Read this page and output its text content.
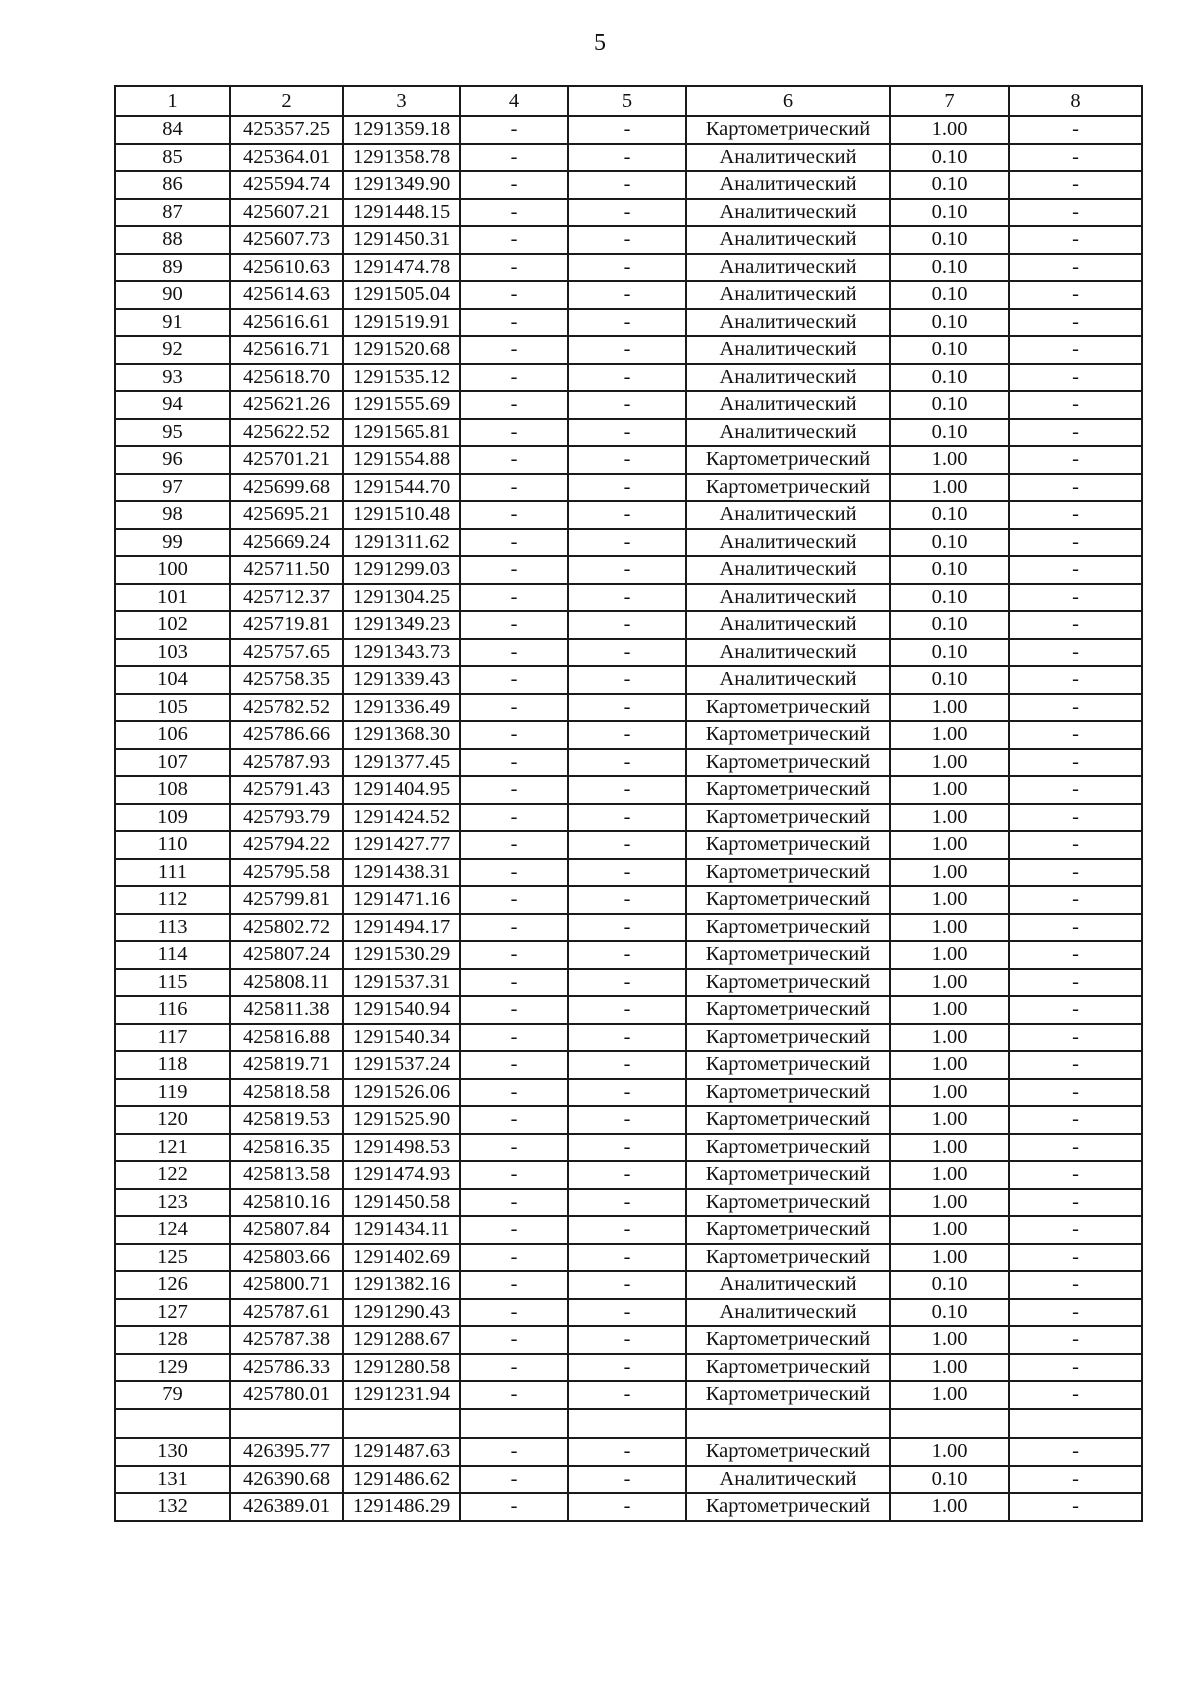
5
1	2	3	4	5	6	7	8
84	425357.25	1291359.18	-	-	Картометрический	1.00	-
85	425364.01	1291358.78	-	-	Аналитический	0.10	-
86	425594.74	1291349.90	-	-	Аналитический	0.10	-
87	425607.21	1291448.15	-	-	Аналитический	0.10	-
88	425607.73	1291450.31	-	-	Аналитический	0.10	-
89	425610.63	1291474.78	-	-	Аналитический	0.10	-
90	425614.63	1291505.04	-	-	Аналитический	0.10	-
91	425616.61	1291519.91	-	-	Аналитический	0.10	-
92	425616.71	1291520.68	-	-	Аналитический	0.10	-
93	425618.70	1291535.12	-	-	Аналитический	0.10	-
94	425621.26	1291555.69	-	-	Аналитический	0.10	-
95	425622.52	1291565.81	-	-	Аналитический	0.10	-
96	425701.21	1291554.88	-	-	Картометрический	1.00	-
97	425699.68	1291544.70	-	-	Картометрический	1.00	-
98	425695.21	1291510.48	-	-	Аналитический	0.10	-
99	425669.24	1291311.62	-	-	Аналитический	0.10	-
100	425711.50	1291299.03	-	-	Аналитический	0.10	-
101	425712.37	1291304.25	-	-	Аналитический	0.10	-
102	425719.81	1291349.23	-	-	Аналитический	0.10	-
103	425757.65	1291343.73	-	-	Аналитический	0.10	-
104	425758.35	1291339.43	-	-	Аналитический	0.10	-
105	425782.52	1291336.49	-	-	Картометрический	1.00	-
106	425786.66	1291368.30	-	-	Картометрический	1.00	-
107	425787.93	1291377.45	-	-	Картометрический	1.00	-
108	425791.43	1291404.95	-	-	Картометрический	1.00	-
109	425793.79	1291424.52	-	-	Картометрический	1.00	-
110	425794.22	1291427.77	-	-	Картометрический	1.00	-
111	425795.58	1291438.31	-	-	Картометрический	1.00	-
112	425799.81	1291471.16	-	-	Картометрический	1.00	-
113	425802.72	1291494.17	-	-	Картометрический	1.00	-
114	425807.24	1291530.29	-	-	Картометрический	1.00	-
115	425808.11	1291537.31	-	-	Картометрический	1.00	-
116	425811.38	1291540.94	-	-	Картометрический	1.00	-
117	425816.88	1291540.34	-	-	Картометрический	1.00	-
118	425819.71	1291537.24	-	-	Картометрический	1.00	-
119	425818.58	1291526.06	-	-	Картометрический	1.00	-
120	425819.53	1291525.90	-	-	Картометрический	1.00	-
121	425816.35	1291498.53	-	-	Картометрический	1.00	-
122	425813.58	1291474.93	-	-	Картометрический	1.00	-
123	425810.16	1291450.58	-	-	Картометрический	1.00	-
124	425807.84	1291434.11	-	-	Картометрический	1.00	-
125	425803.66	1291402.69	-	-	Картометрический	1.00	-
126	425800.71	1291382.16	-	-	Аналитический	0.10	-
127	425787.61	1291290.43	-	-	Аналитический	0.10	-
128	425787.38	1291288.67	-	-	Картометрический	1.00	-
129	425786.33	1291280.58	-	-	Картометрический	1.00	-
79	425780.01	1291231.94	-	-	Картометрический	1.00	-

130	426395.77	1291487.63	-	-	Картометрический	1.00	-
131	426390.68	1291486.62	-	-	Аналитический	0.10	-
132	426389.01	1291486.29	-	-	Картометрический	1.00	-
